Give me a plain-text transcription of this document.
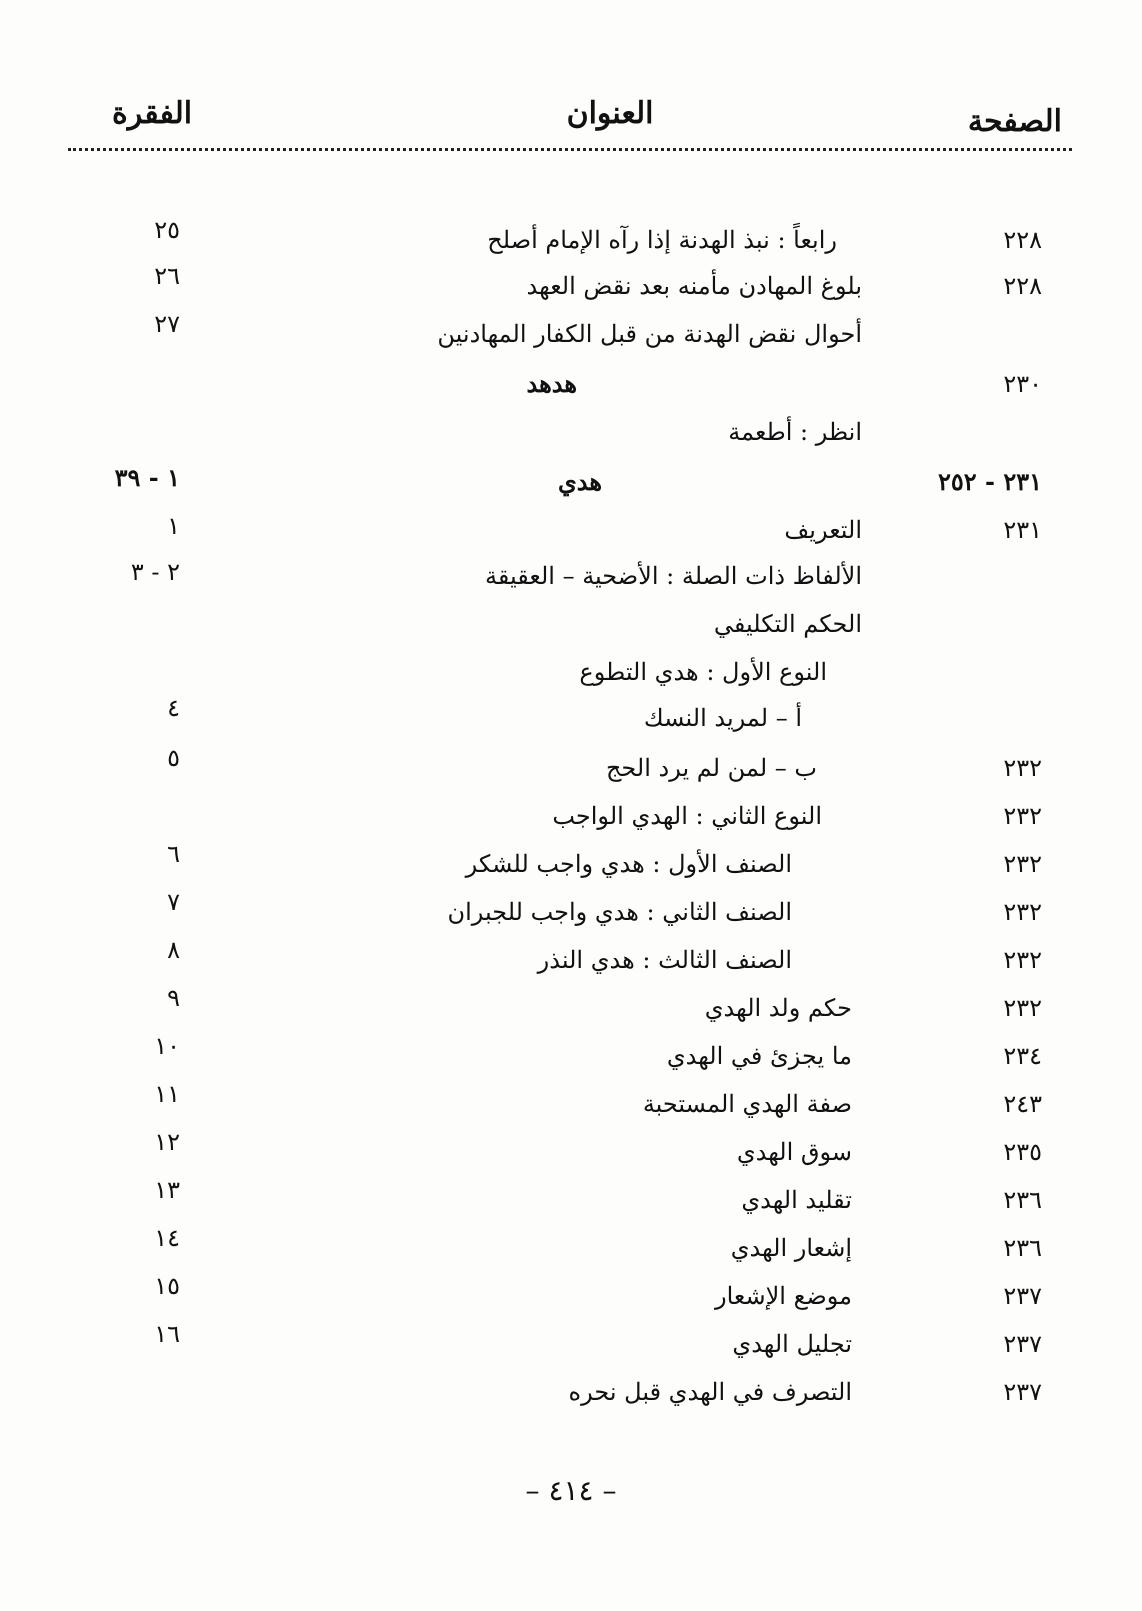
الصفحة
العنوان
الفقرة
٢٢٨
رابعاً : نبذ الهدنة إذا رآه الإمام أصلح
٢٥
٢٢٨
بلوغ المهادن مأمنه بعد نقض العهد
٢٦
أحوال نقض الهدنة من قبل الكفار المهادنين
٢٧
٢٣٠
هدهد
انظر : أطعمة
٢٣١ - ٢٥٢
هدي
١ - ٣٩
٢٣١
التعريف
١
الألفاظ ذات الصلة : الأضحية – العقيقة
٢ - ٣
الحكم التكليفي
النوع الأول : هدي التطوع
أ – لمريد النسك
٤
٢٣٢
ب – لمن لم يرد الحج
٥
٢٣٢
النوع الثاني : الهدي الواجب
٢٣٢
الصنف الأول : هدي واجب للشكر
٦
٢٣٢
الصنف الثاني : هدي واجب للجبران
٧
٢٣٢
الصنف الثالث : هدي النذر
٨
٢٣٢
حكم ولد الهدي
٩
٢٣٤
ما يجزئ في الهدي
١٠
٢٤٣
صفة الهدي المستحبة
١١
٢٣٥
سوق الهدي
١٢
٢٣٦
تقليد الهدي
١٣
٢٣٦
إشعار الهدي
١٤
٢٣٧
موضع الإشعار
١٥
٢٣٧
تجليل الهدي
١٦
٢٣٧
التصرف في الهدي قبل نحره
– ٤١٤ –
